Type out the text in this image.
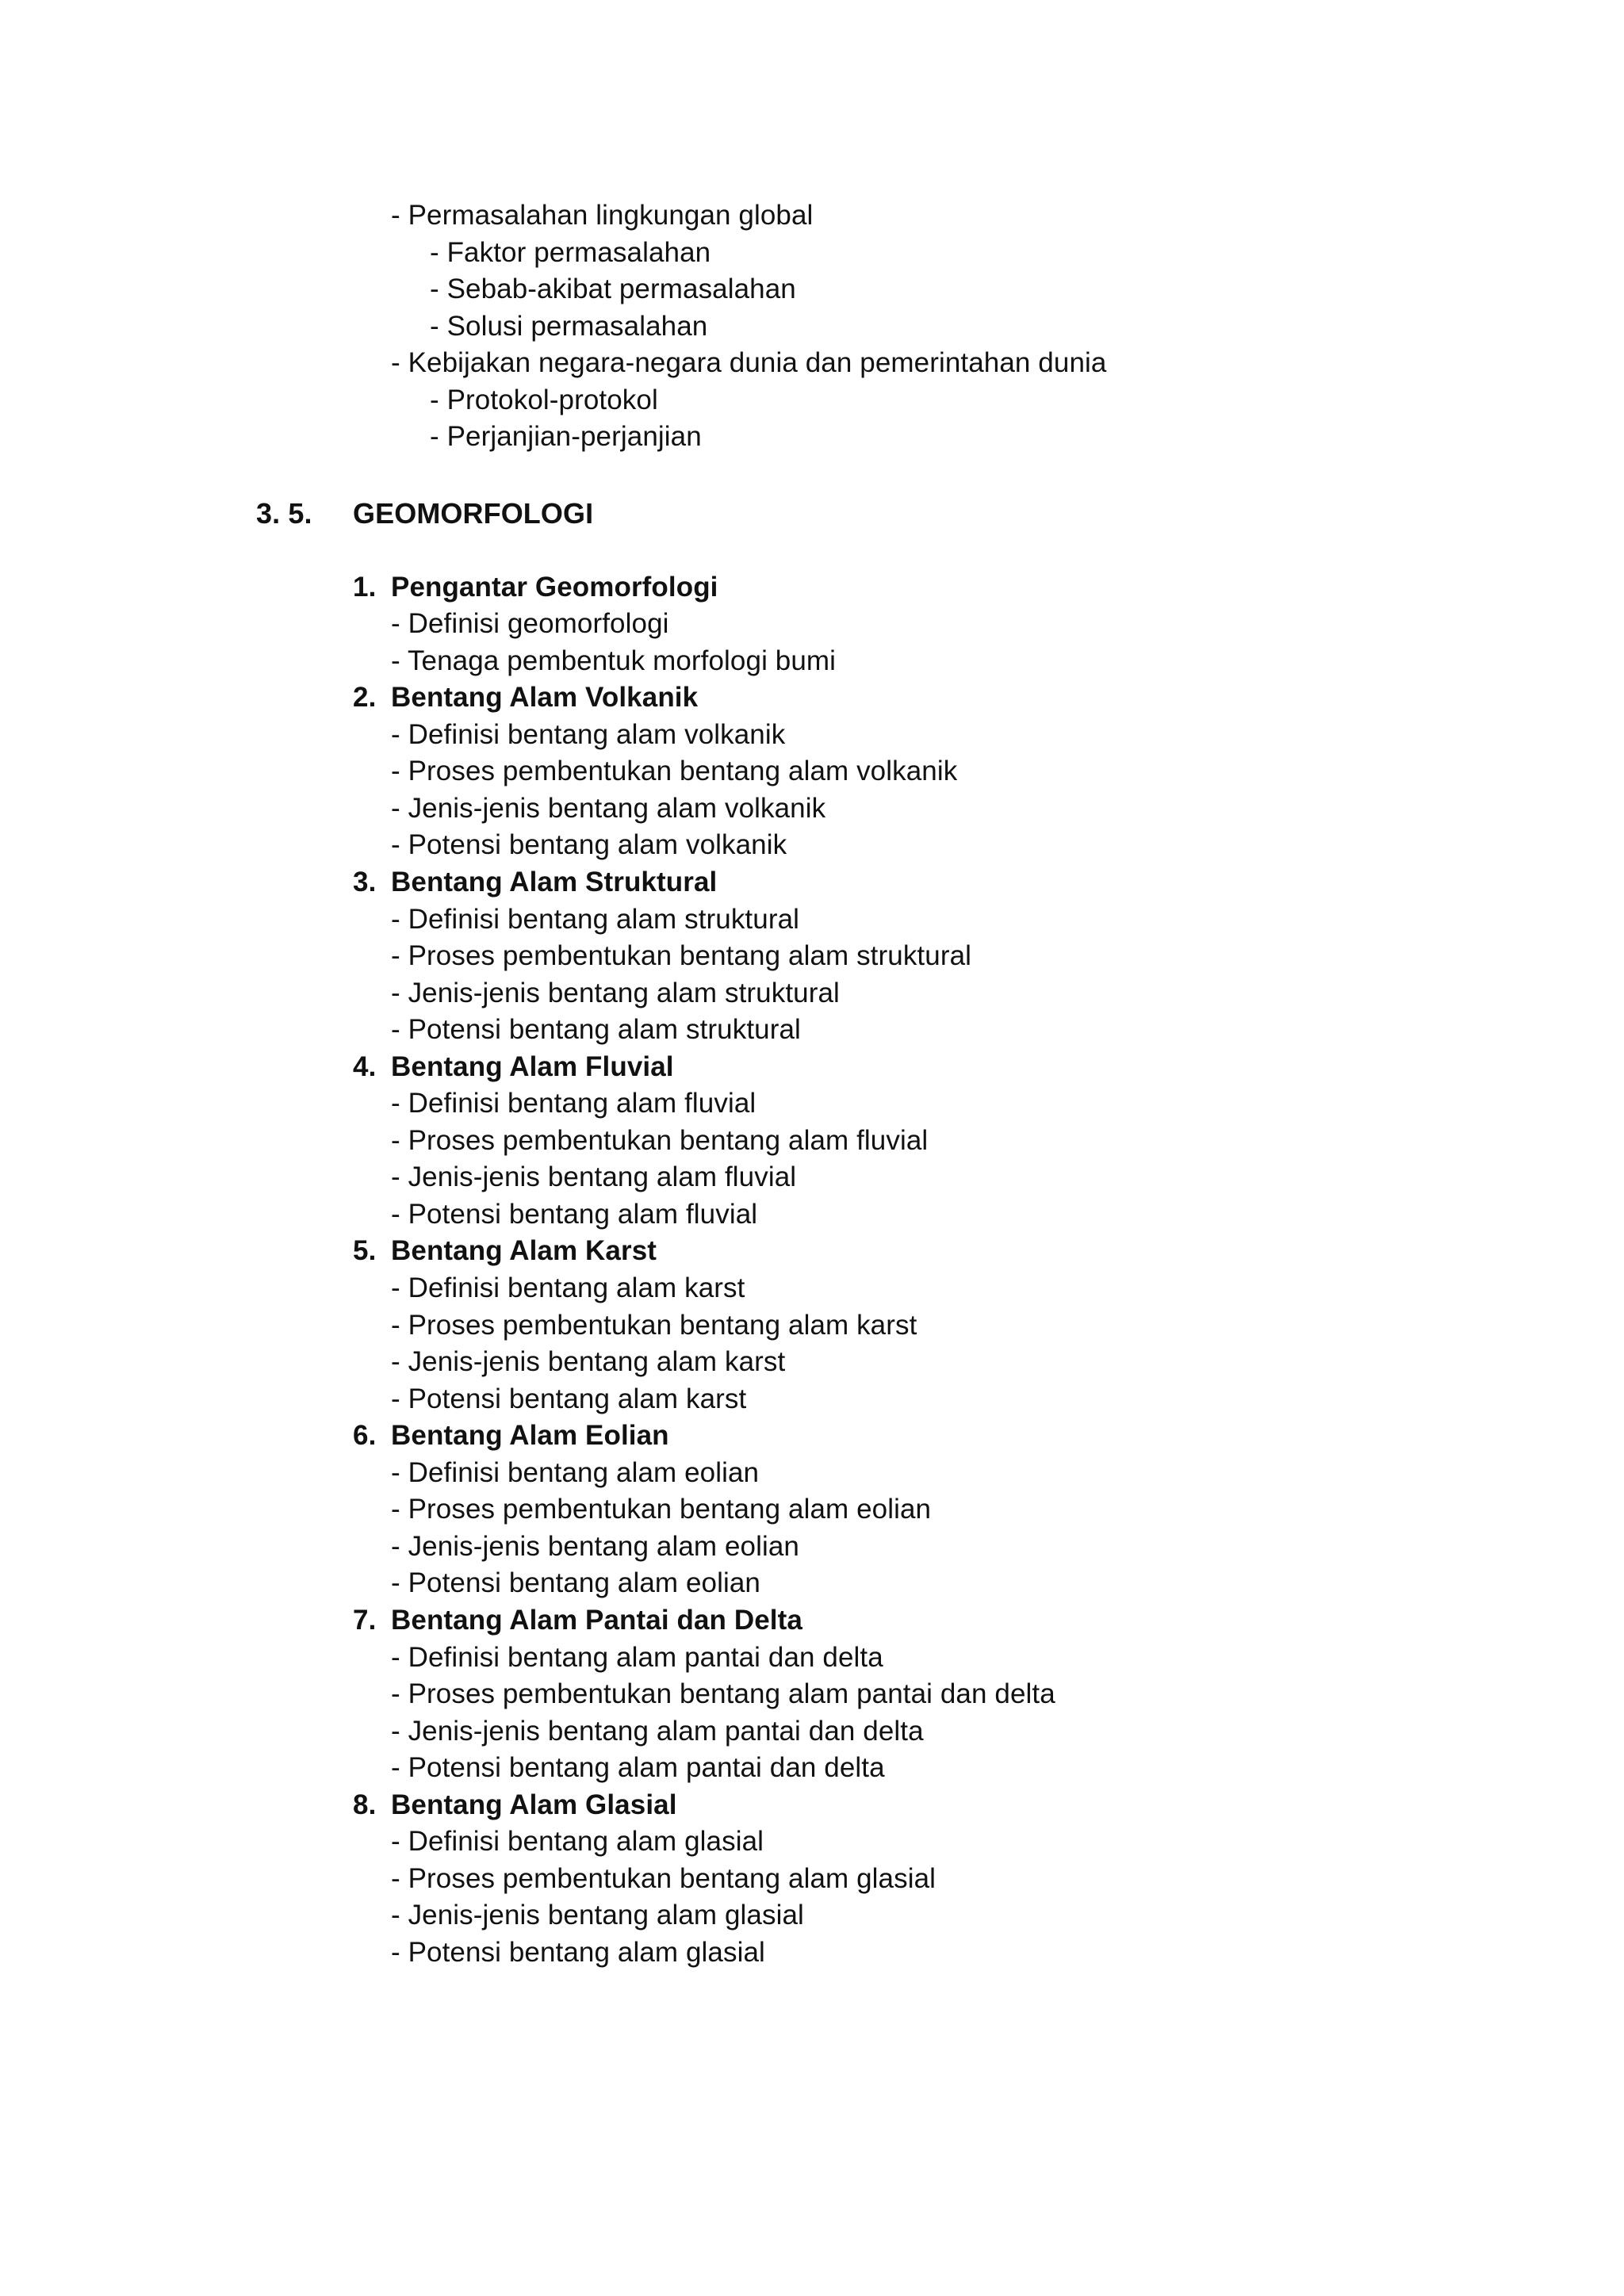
- Permasalahan lingkungan global
- Faktor permasalahan
- Sebab-akibat permasalahan
- Solusi permasalahan
- Kebijakan negara-negara dunia dan pemerintahan dunia
- Protokol-protokol
- Perjanjian-perjanjian
3. 5. GEOMORFOLOGI
1. Pengantar Geomorfologi
- Definisi geomorfologi
- Tenaga pembentuk morfologi bumi
2. Bentang Alam Volkanik
- Definisi bentang alam volkanik
- Proses pembentukan bentang alam volkanik
- Jenis-jenis bentang alam volkanik
- Potensi bentang alam volkanik
3. Bentang Alam Struktural
- Definisi bentang alam struktural
- Proses pembentukan bentang alam struktural
- Jenis-jenis bentang alam struktural
- Potensi bentang alam struktural
4. Bentang Alam Fluvial
- Definisi bentang alam fluvial
- Proses pembentukan bentang alam fluvial
- Jenis-jenis bentang alam fluvial
- Potensi bentang alam fluvial
5. Bentang Alam Karst
- Definisi bentang alam karst
- Proses pembentukan bentang alam karst
- Jenis-jenis bentang alam karst
- Potensi bentang alam karst
6. Bentang Alam Eolian
- Definisi bentang alam eolian
- Proses pembentukan bentang alam eolian
- Jenis-jenis bentang alam eolian
- Potensi bentang alam eolian
7. Bentang Alam Pantai dan Delta
- Definisi bentang alam pantai dan delta
- Proses pembentukan bentang alam pantai dan delta
- Jenis-jenis bentang alam pantai dan delta
- Potensi bentang alam pantai dan delta
8. Bentang Alam Glasial
- Definisi bentang alam glasial
- Proses pembentukan bentang alam glasial
- Jenis-jenis bentang alam glasial
- Potensi bentang alam glasial
